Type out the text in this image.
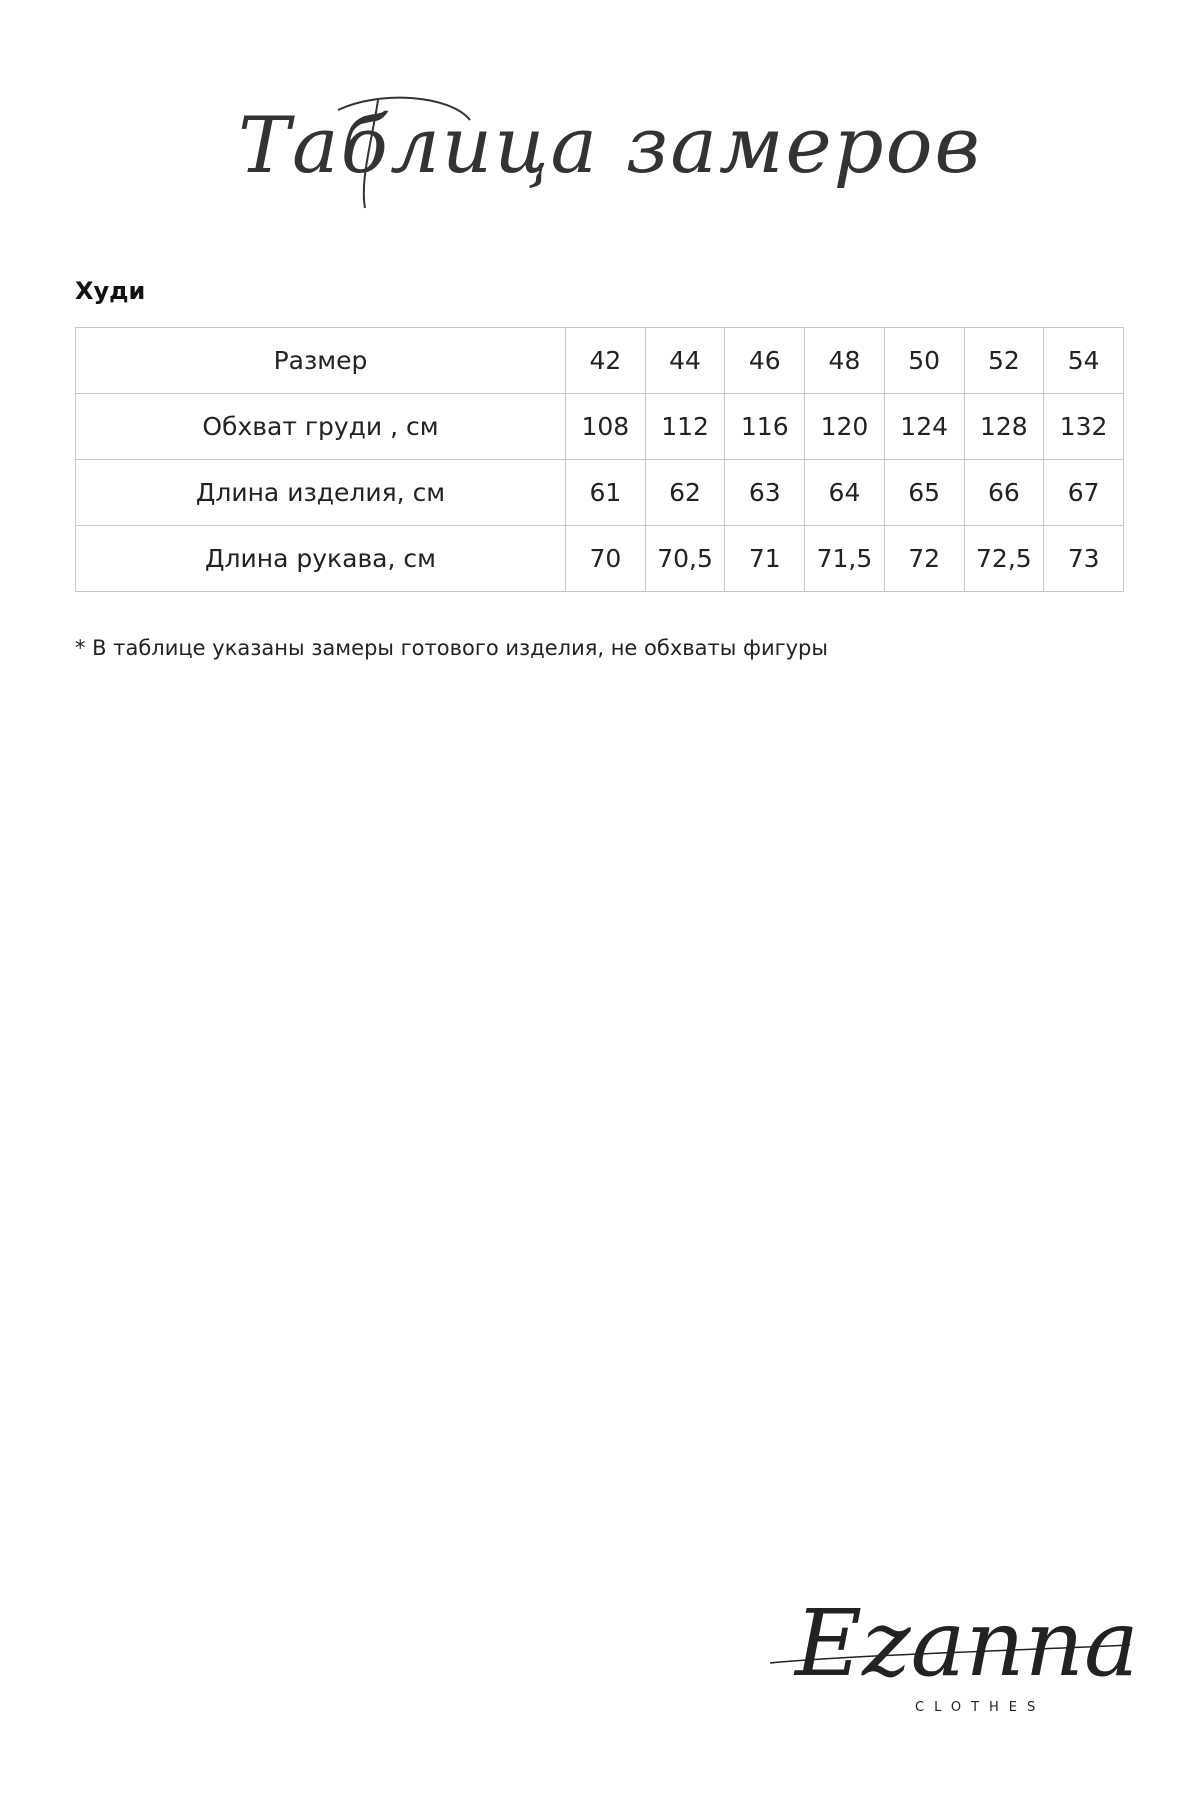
Таблица замеров
Худи
Размер	42	44	46	48	50	52	54
Обхват груди , см	108	112	116	120	124	128	132
Длина изделия, см	61	62	63	64	65	66	67
Длина рукава, см	70	70,5	71	71,5	72	72,5	73
* В таблице указаны замеры готового изделия, не обхваты фигуры
Ezanna
CLOTHES
